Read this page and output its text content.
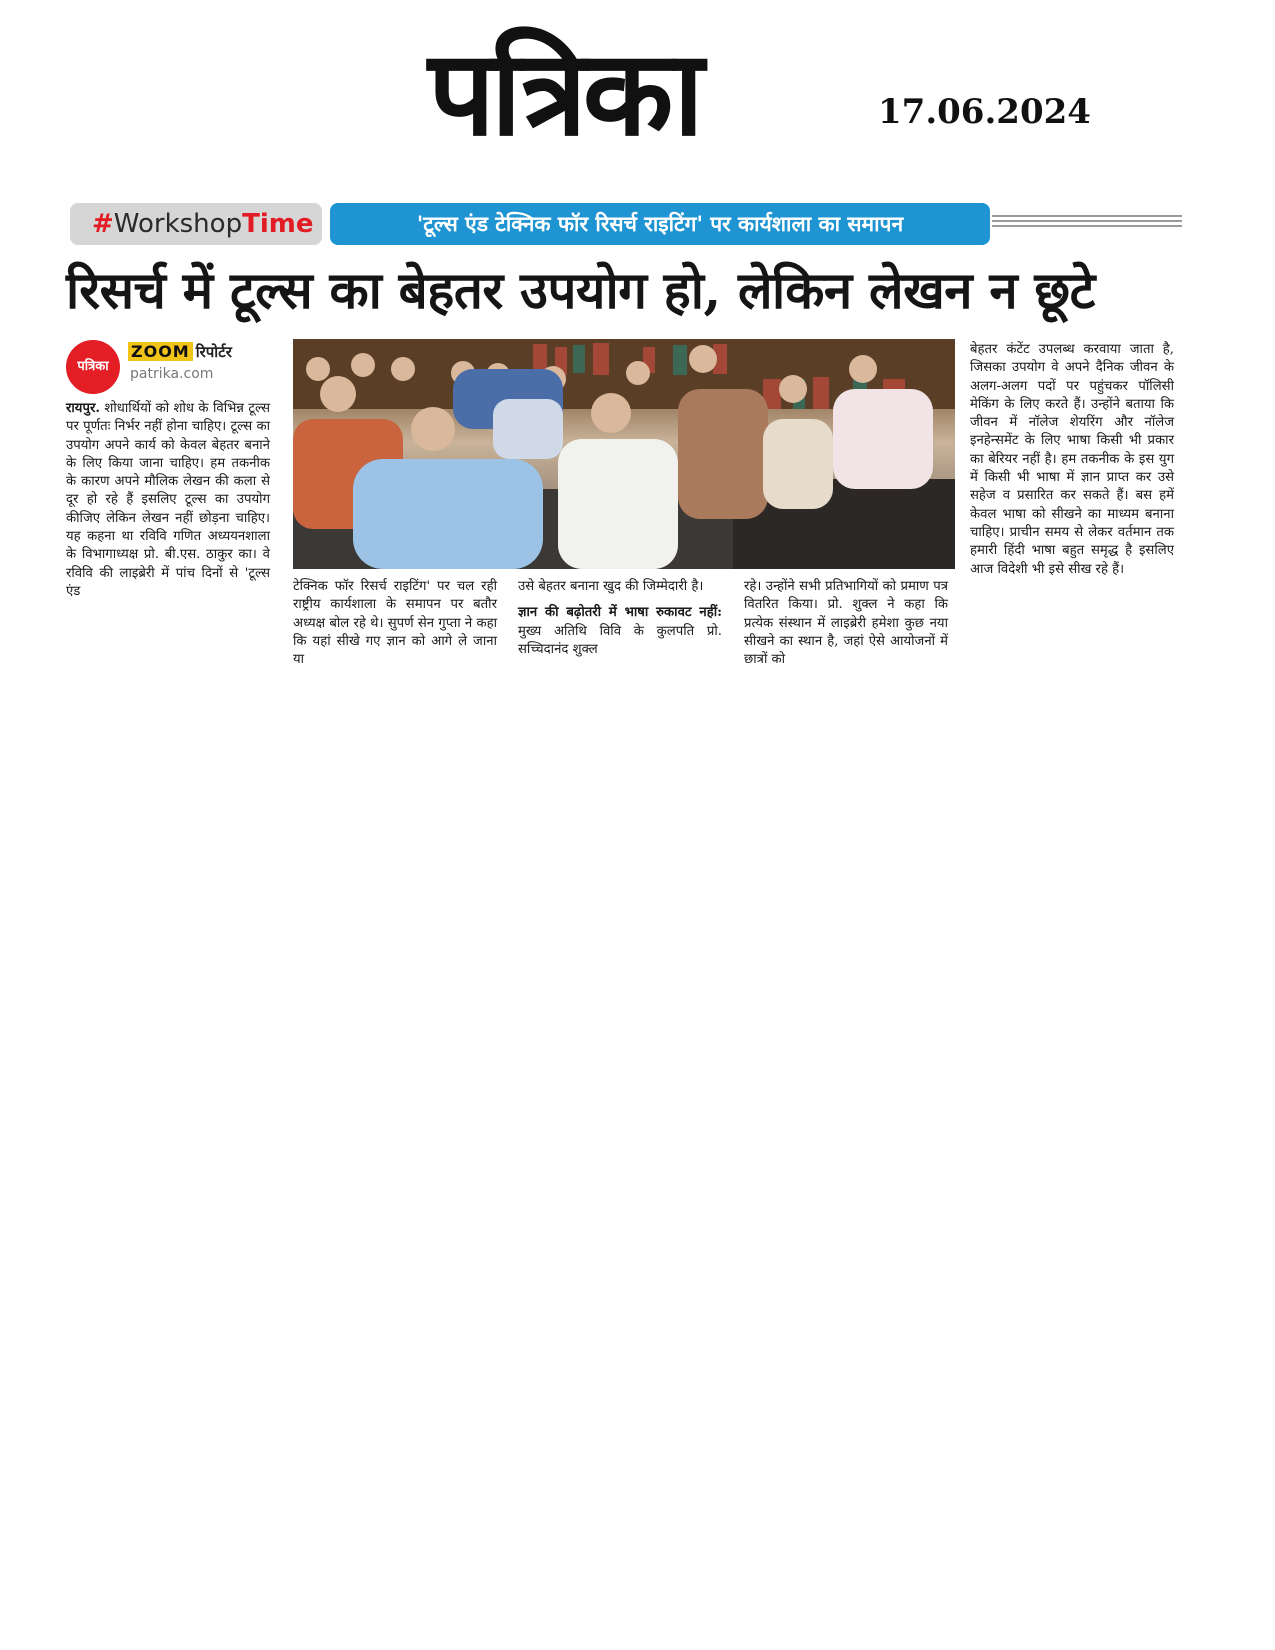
पत्रिका	17.06.2024
#WorkshopTime	'टूल्स एंड टेक्निक फॉर रिसर्च राइटिंग' पर कार्यशाला का समापन
रिसर्च में टूल्स का बेहतर उपयोग हो, लेकिन लेखन न छूटे
पत्रिका
ZOOM रिपोर्टर
patrika.com

रायपुर. शोधार्थियों को शोध के विभिन्न टूल्स पर पूर्णतः निर्भर नहीं होना चाहिए। टूल्स का उपयोग अपने कार्य को केवल बेहतर बनाने के लिए किया जाना चाहिए। हम तकनीक के कारण अपने मौलिक लेखन की कला से दूर हो रहे हैं इसलिए टूल्स का उपयोग कीजिए लेकिन लेखन नहीं छोड़ना चाहिए। यह कहना था रविवि गणित अध्ययनशाला के विभागाध्यक्ष प्रो. बी.एस. ठाकुर का। वे रविवि की लाइब्रेरी में पांच दिनों से 'टूल्स एंड	टेक्निक फॉर रिसर्च राइटिंग' पर चल रही राष्ट्रीय कार्यशाला के समापन पर बतौर अध्यक्ष बोल रहे थे। सुपर्ण सेन गुप्ता ने कहा कि यहां सीखे गए ज्ञान को आगे ले जाना या

उसे बेहतर बनाना खुद की जिम्मेदारी है।

ज्ञान की बढ़ोतरी में भाषा रुकावट नहीं: मुख्य अतिथि विवि के कुलपति प्रो. सच्चिदानंद शुक्ल

रहे। उन्होंने सभी प्रतिभागियों को प्रमाण पत्र वितरित किया। प्रो. शुक्ल ने कहा कि प्रत्येक संस्थान में लाइब्रेरी हमेशा कुछ नया सीखने का स्थान है, जहां ऐसे आयोजनों में छात्रों को

बेहतर कंटेंट उपलब्ध करवाया जाता है, जिसका उपयोग वे अपने दैनिक जीवन के अलग-अलग पदों पर पहुंचकर पॉलिसी मेकिंग के लिए करते हैं। उन्होंने बताया कि जीवन में नॉलेज शेयरिंग और नॉलेज इनहेन्समेंट के लिए भाषा किसी भी प्रकार का बेरियर नहीं है। हम तकनीक के इस युग में किसी भी भाषा में ज्ञान प्राप्त कर उसे सहेज व प्रसारित कर सकते हैं। बस हमें केवल भाषा को सीखने का माध्यम बनाना चाहिए। प्राचीन समय से लेकर वर्तमान तक हमारी हिंदी भाषा बहुत समृद्ध है इसलिए आज विदेशी भी इसे सीख रहे हैं।
